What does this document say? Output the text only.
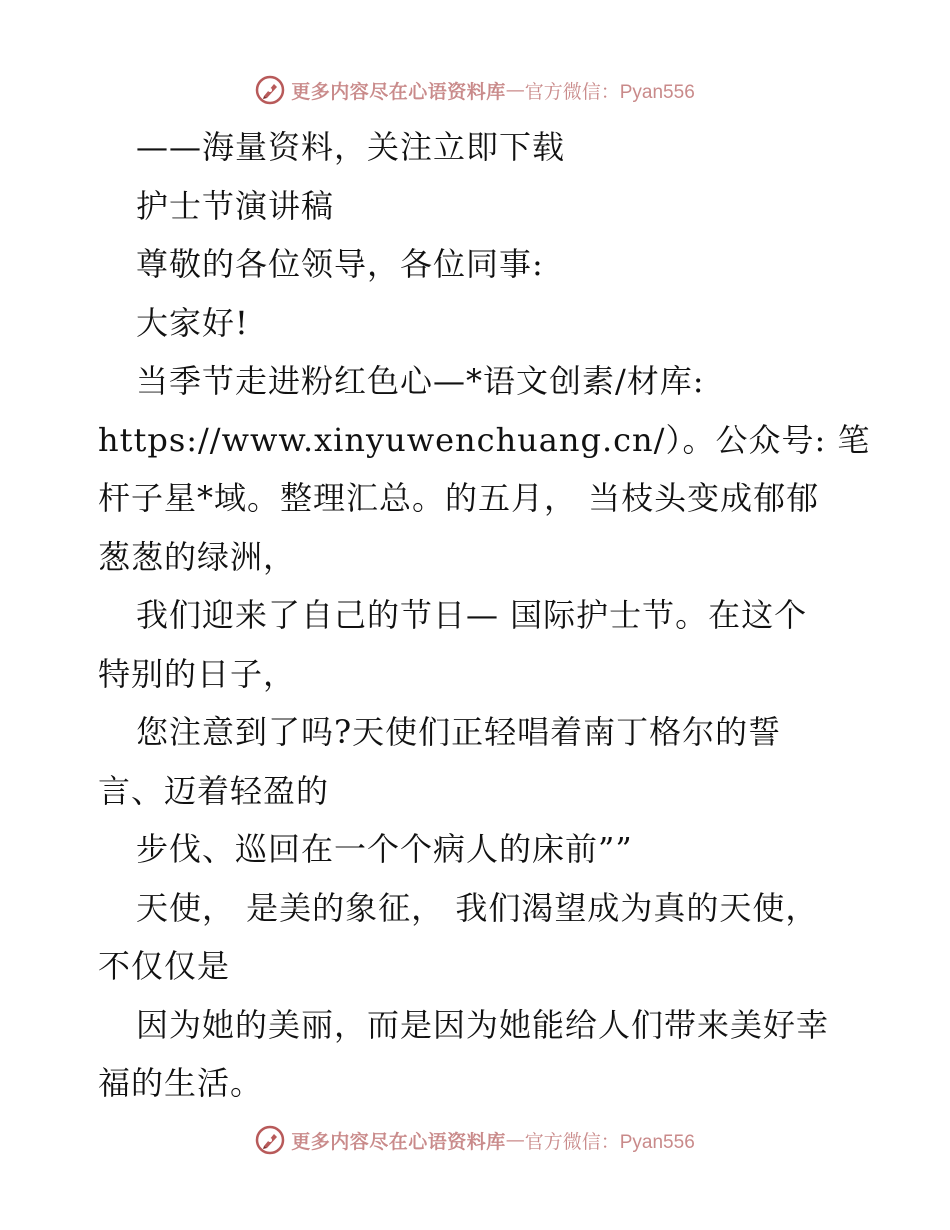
更多内容尽在心语资料库 — 官方微信：Pyan556
——海量资料，关注立即下载
护士节演讲稿
尊敬的各位领导，各位同事:
大家好!
当季节走进粉红色心—*语文创素/材库:
https://www.xinyuwenchuang.cn/）。公众号: 笔
杆子星*域。整理汇总。的五月， 当枝头变成郁郁
葱葱的绿洲，
我们迎来了自己的节日— 国际护士节。在这个
特别的日子，
您注意到了吗?天使们正轻唱着南丁格尔的誓
言、迈着轻盈的
步伐、巡回在一个个病人的床前””
天使， 是美的象征， 我们渴望成为真的天使，
不仅仅是
因为她的美丽，而是因为她能给人们带来美好幸
福的生活。
更多内容尽在心语资料库 — 官方微信：Pyan556
